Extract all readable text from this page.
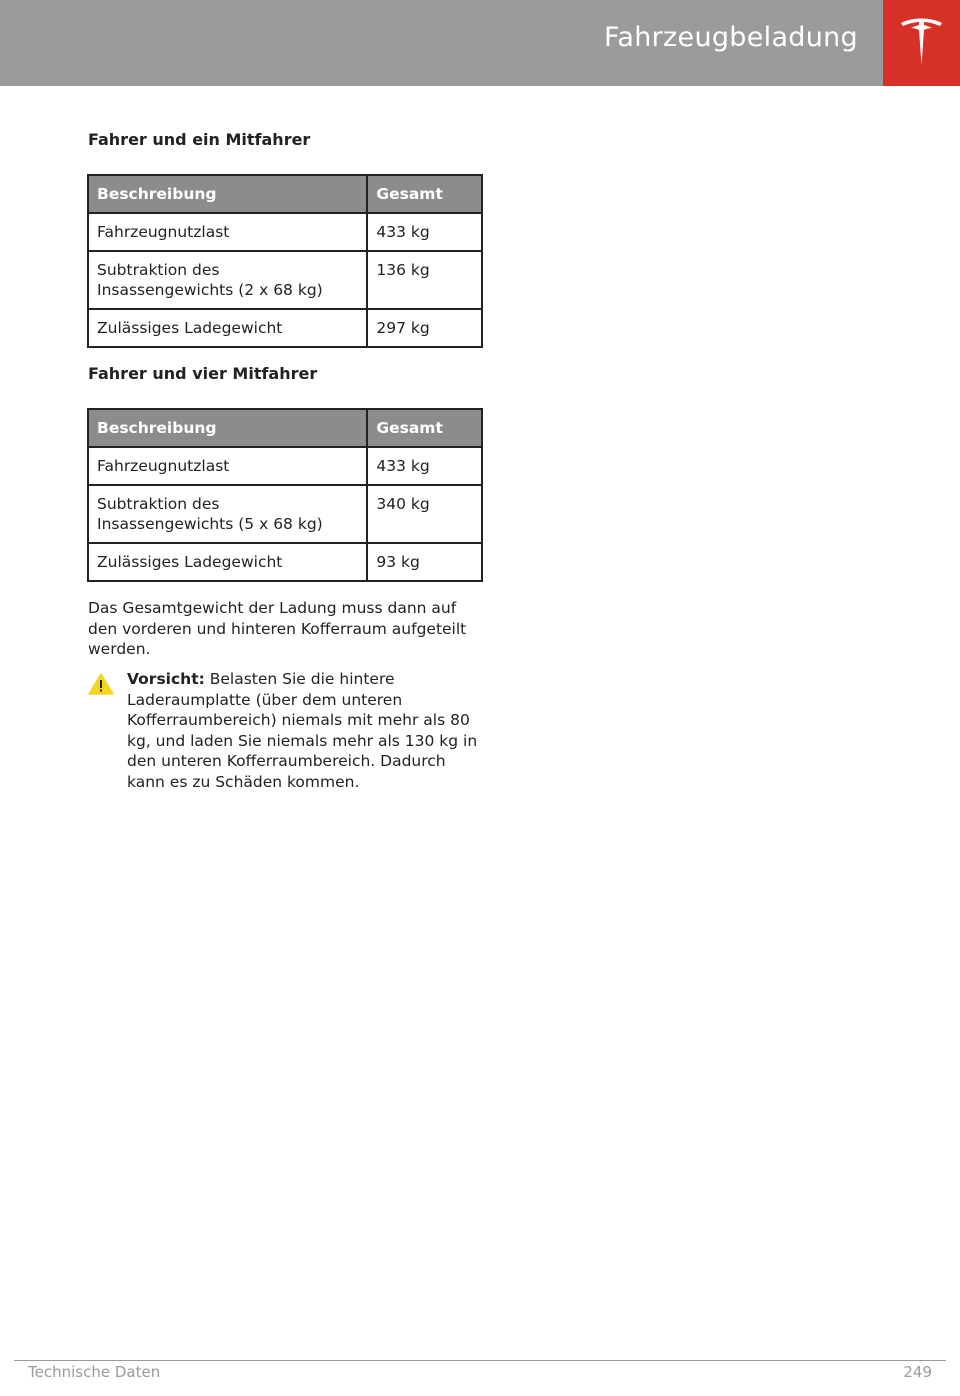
Fahrzeugbeladung
Fahrer und ein Mitfahrer
Beschreibung	Gesamt
Fahrzeugnutzlast	433 kg
Subtraktion des Insassengewichts (2 x 68 kg)	136 kg
Zulässiges Ladegewicht	297 kg
Fahrer und vier Mitfahrer
Beschreibung	Gesamt
Fahrzeugnutzlast	433 kg
Subtraktion des Insassengewichts (5 x 68 kg)	340 kg
Zulässiges Ladegewicht	93 kg
Das Gesamtgewicht der Ladung muss dann auf den vorderen und hinteren Kofferraum aufgeteilt werden.
Vorsicht: Belasten Sie die hintere Laderaumplatte (über dem unteren Kofferraumbereich) niemals mit mehr als 80 kg, und laden Sie niemals mehr als 130 kg in den unteren Kofferraumbereich. Dadurch kann es zu Schäden kommen.
Technische Daten	249
